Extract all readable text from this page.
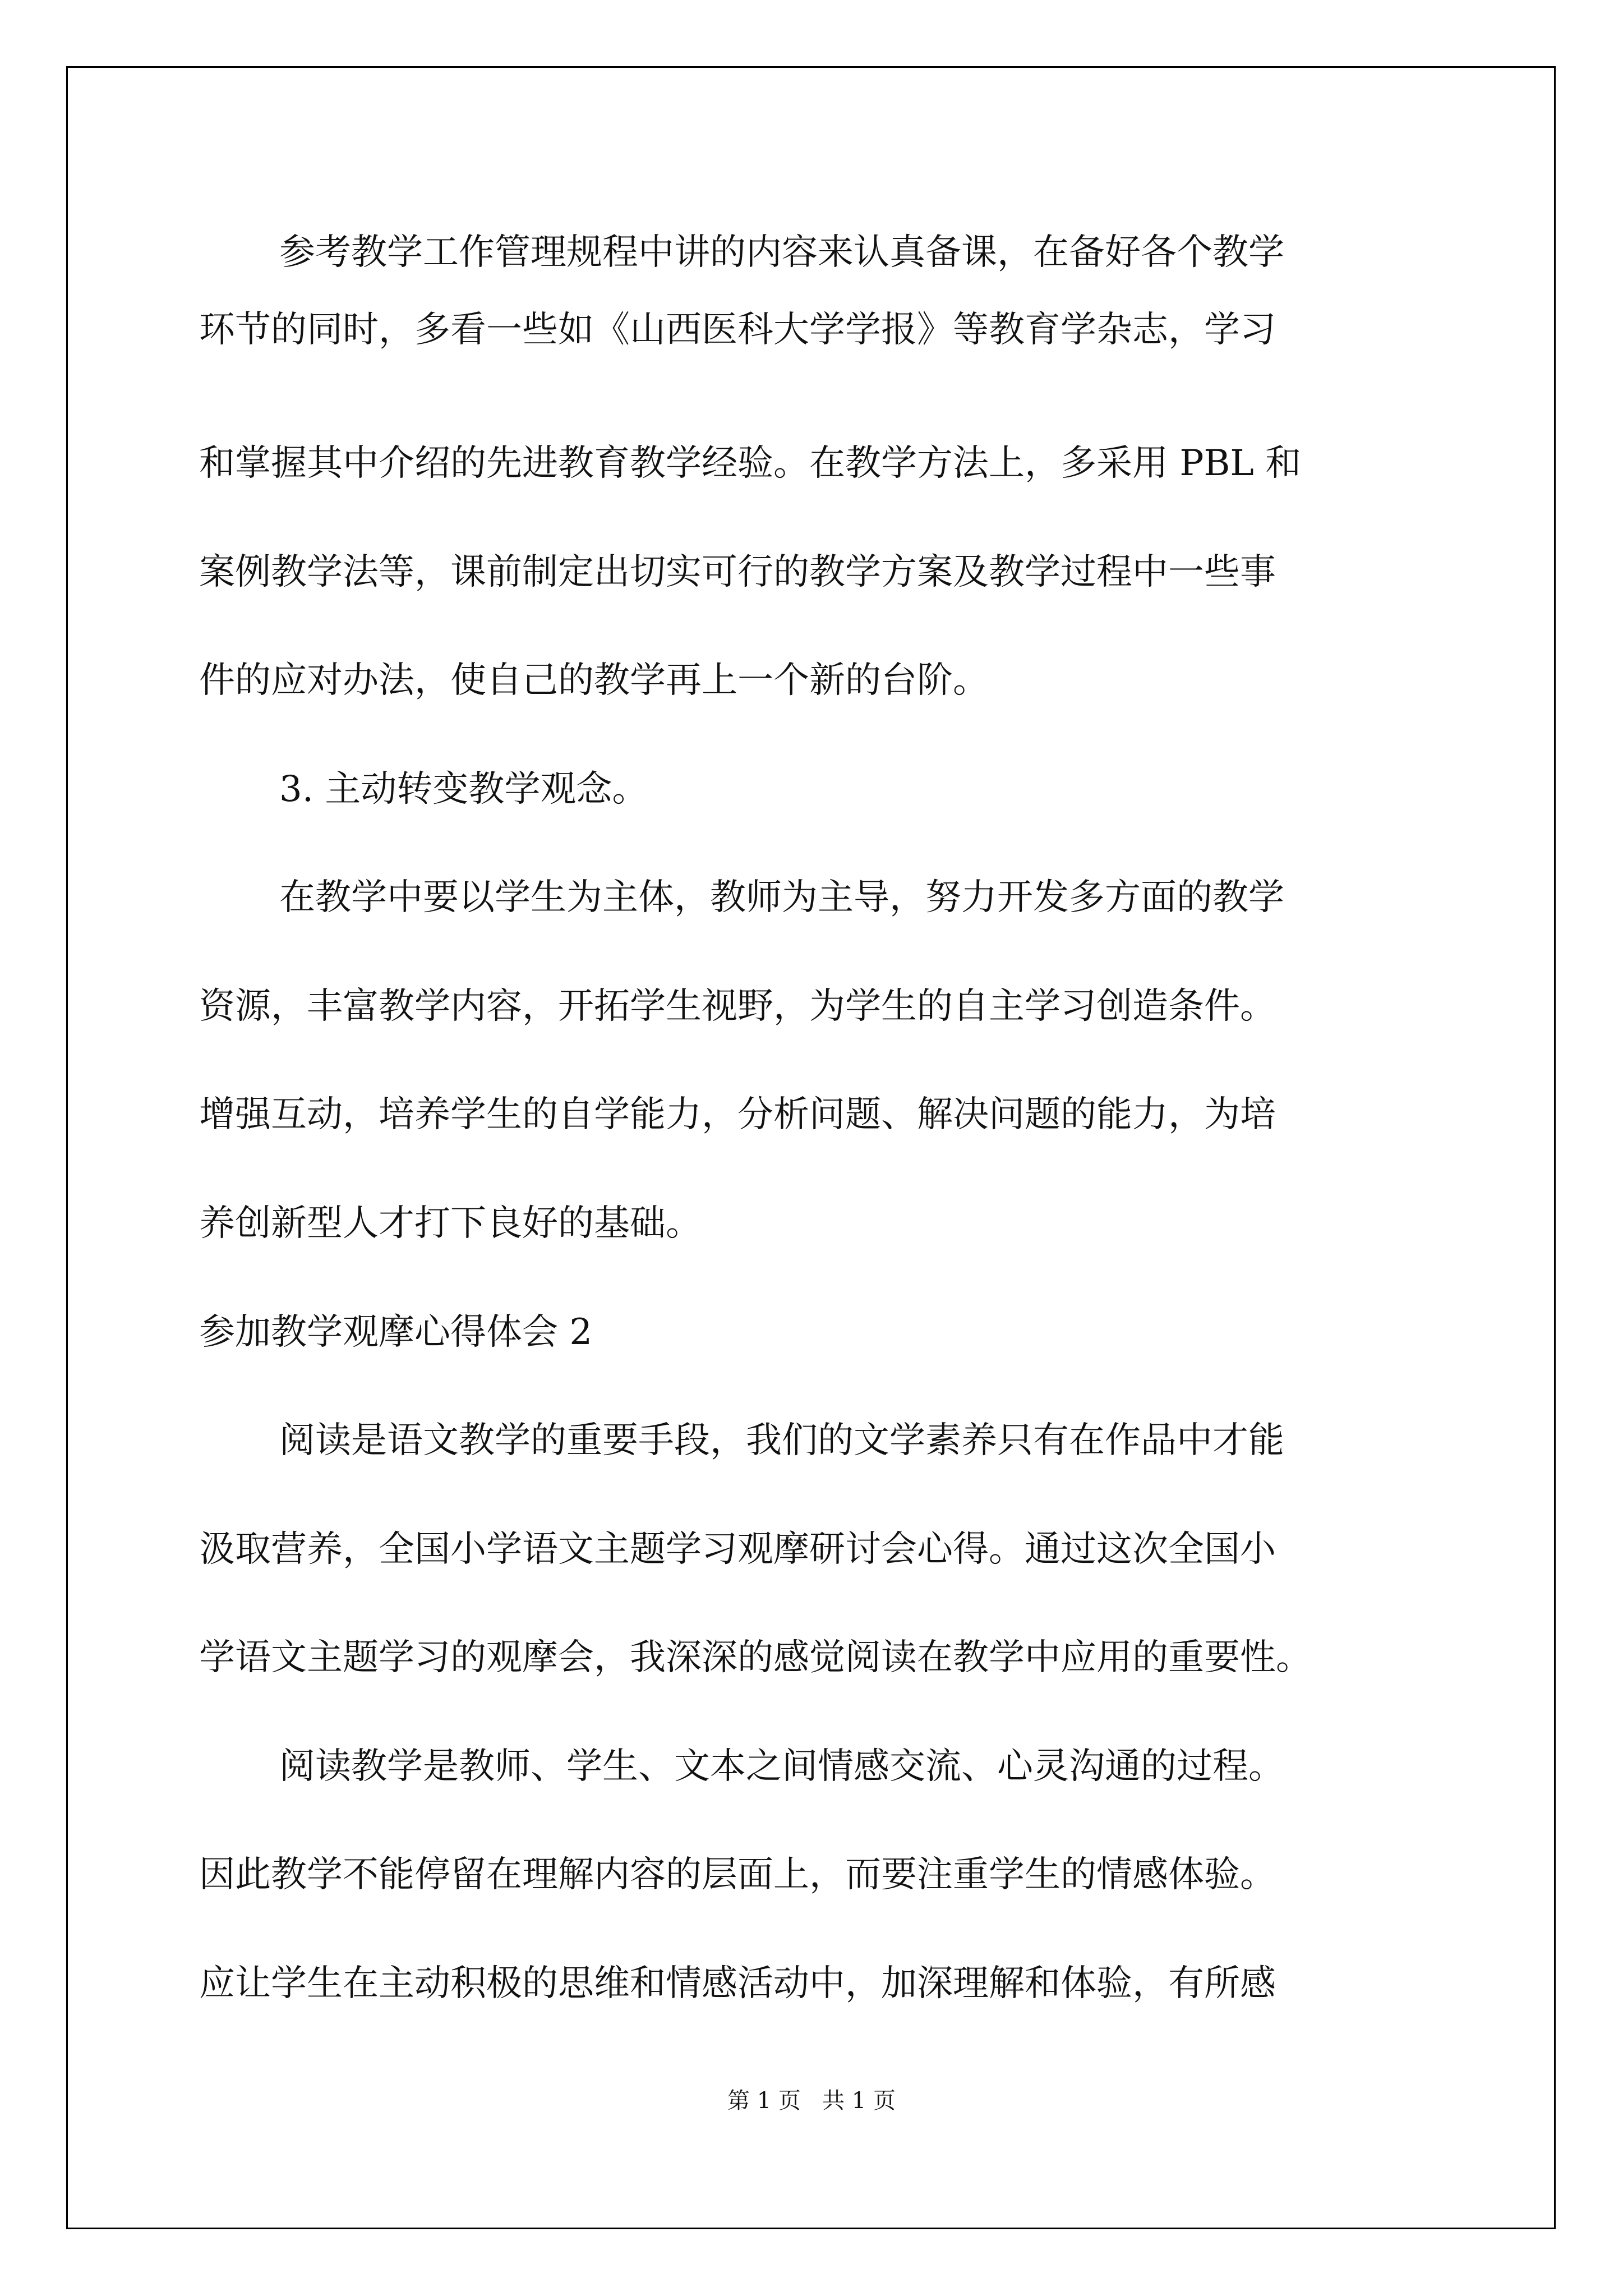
参考教学工作管理规程中讲的内容来认真备课，在备好各个教学
环节的同时，多看一些如《山西医科大学学报》等教育学杂志，学习
和掌握其中介绍的先进教育教学经验。在教学方法上，多采用 PBL 和
案例教学法等，课前制定出切实可行的教学方案及教学过程中一些事
件的应对办法，使自己的教学再上一个新的台阶。
3. 主动转变教学观念。
在教学中要以学生为主体，教师为主导，努力开发多方面的教学
资源，丰富教学内容，开拓学生视野，为学生的自主学习创造条件。
增强互动，培养学生的自学能力，分析问题、解决问题的能力，为培
养创新型人才打下良好的基础。
参加教学观摩心得体会 2
阅读是语文教学的重要手段，我们的文学素养只有在作品中才能
汲取营养，全国小学语文主题学习观摩研讨会心得。通过这次全国小
学语文主题学习的观摩会，我深深的感觉阅读在教学中应用的重要性。
阅读教学是教师、学生、文本之间情感交流、心灵沟通的过程。
因此教学不能停留在理解内容的层面上，而要注重学生的情感体验。
应让学生在主动积极的思维和情感活动中，加深理解和体验，有所感
第 1 页   共 1 页
